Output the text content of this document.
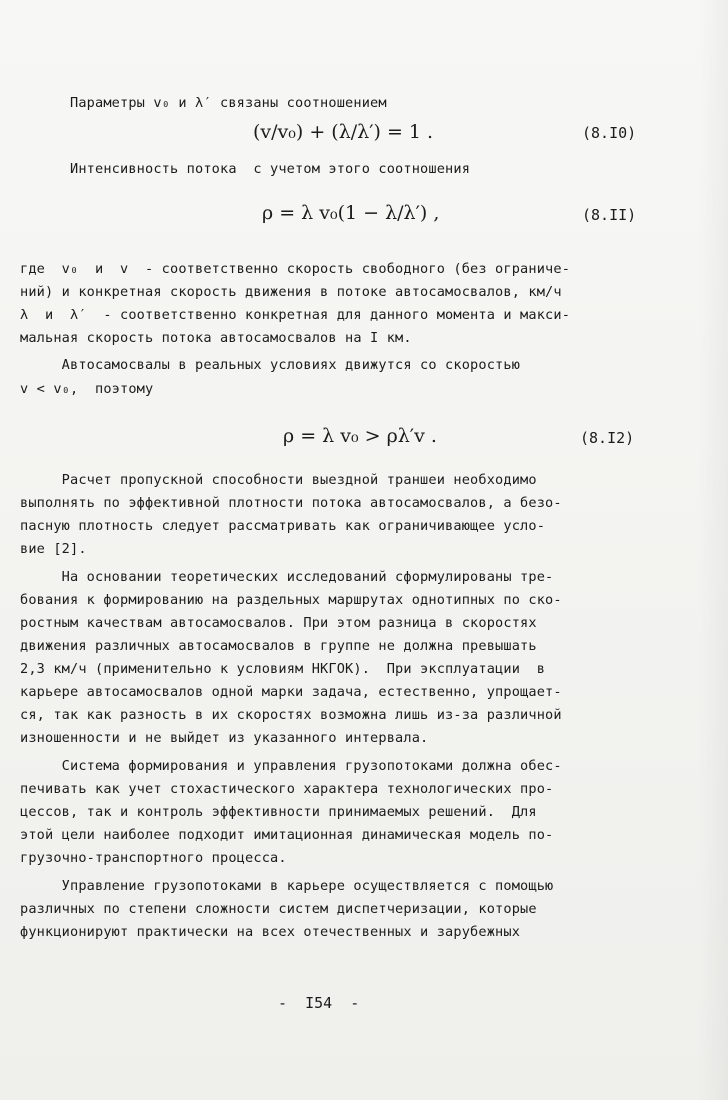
Параметры v₀ и λ′ связаны соотношением
(v/v₀) + (λ/λ′) = 1 .	(8.I0)
Интенсивность потока  с учетом этого соотношения
ρ = λ v₀(1 − λ/λ′) ,	(8.II)
где  v₀  и  v  - соответственно скорость свободного (без ограниче-
ний) и конкретная скорость движения в потоке автосамосвалов, км/ч
λ  и  λ′  - соответственно конкретная для данного момента и макси-
мальная скорость потока автосамосвалов на I км.
Автосамосвалы в реальных условиях движутся со скоростью
v < v₀,  поэтому
ρ = λ v₀ > ρλ′v .	(8.I2)
Расчет пропускной способности выездной траншеи необходимо
выполнять по эффективной плотности потока автосамосвалов, а безо-
пасную плотность следует рассматривать как ограничивающее усло-
вие [2].
На основании теоретических исследований сформулированы тре-
бования к формированию на раздельных маршрутах однотипных по ско-
ростным качествам автосамосвалов. При этом разница в скоростях
движения различных автосамосвалов в группе не должна превышать
2,3 км/ч (применительно к условиям НКГОК).  При эксплуатации  в
карьере автосамосвалов одной марки задача, естественно, упрощает-
ся, так как разность в их скоростях возможна лишь из-за различной
изношенности и не выйдет из указанного интервала.
Система формирования и управления грузопотоками должна обес-
печивать как учет стохастического характера технологических про-
цессов, так и контроль эффективности принимаемых решений.  Для
этой цели наиболее подходит имитационная динамическая модель по-
грузочно-транспортного процесса.
Управление грузопотоками в карьере осуществляется с помощью
различных по степени сложности систем диспетчеризации, которые
функционируют практически на всех отечественных и зарубежных
-  I54  -
